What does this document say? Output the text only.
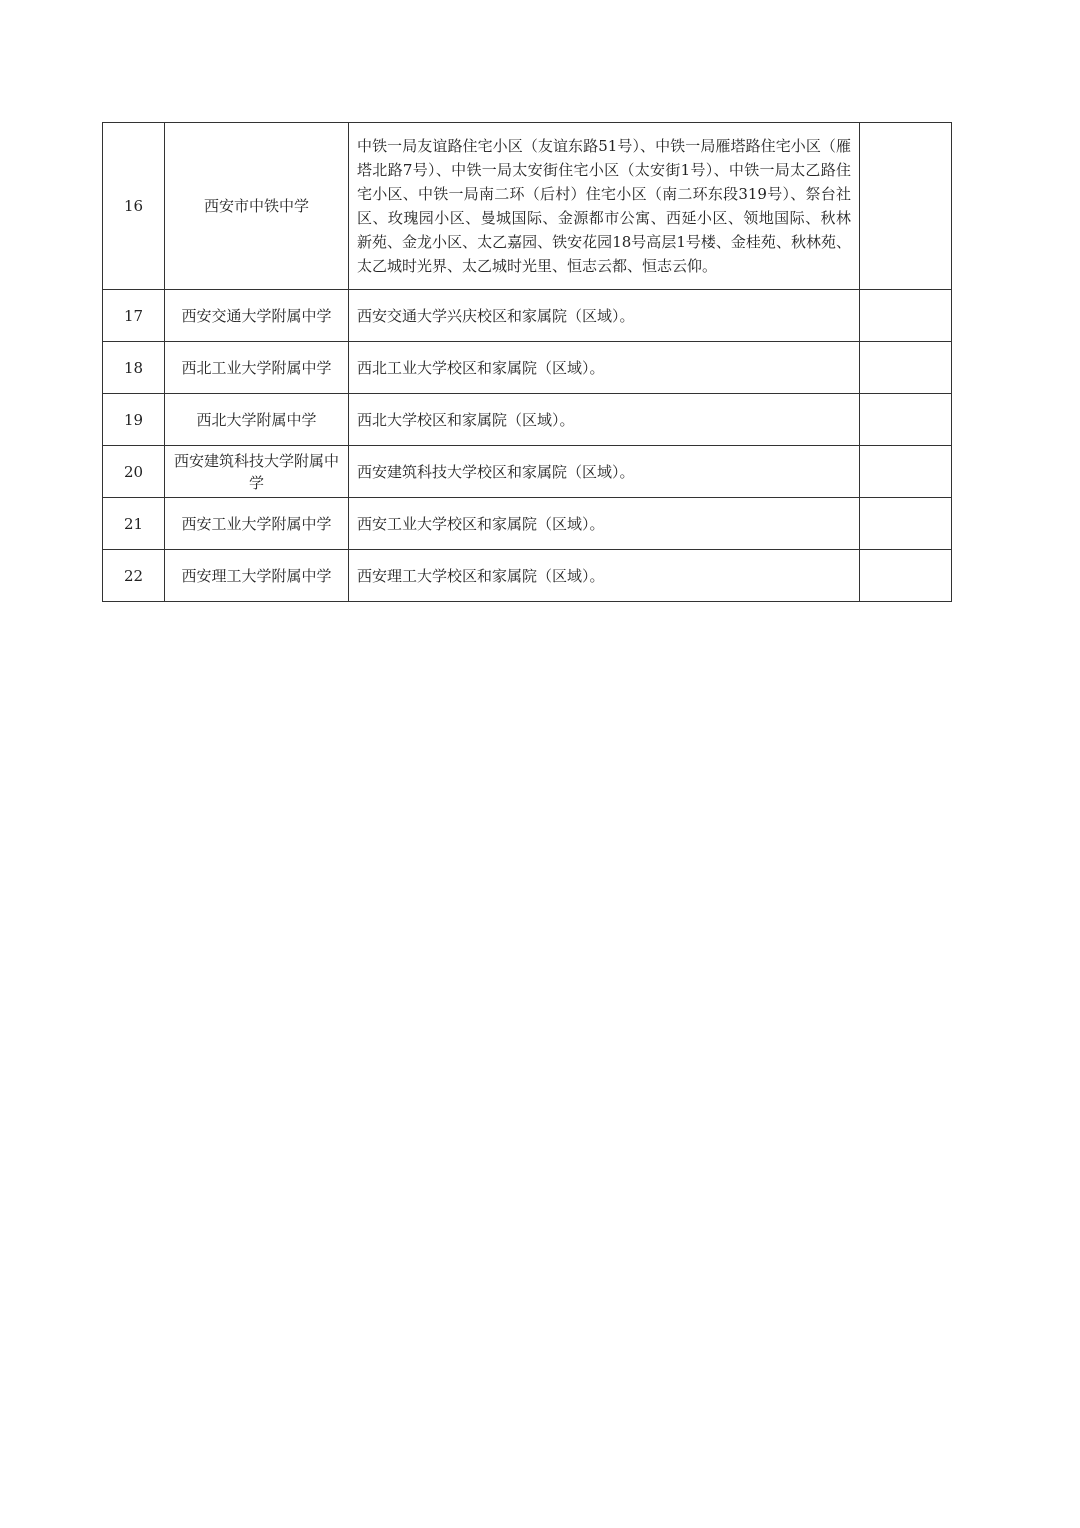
16	西安市中铁中学	中铁一局友谊路住宅小区（友谊东路51号）、中铁一局雁塔路住宅小区（雁塔北路7号）、中铁一局太安街住宅小区（太安街1号）、中铁一局太乙路住宅小区、中铁一局南二环（后村）住宅小区（南二环东段319号）、祭台社区、玫瑰园小区、曼城国际、金源都市公寓、西延小区、领地国际、秋林新苑、金龙小区、太乙嘉园、铁安花园18号高层1号楼、金桂苑、秋林苑、太乙城时光界、太乙城时光里、恒志云都、恒志云仰。	

17	西安交通大学附属中学	西安交通大学兴庆校区和家属院（区域）。	

18	西北工业大学附属中学	西北工业大学校区和家属院（区域）。	

19	西北大学附属中学	西北大学校区和家属院（区域）。	

20	西安建筑科技大学附属中学	西安建筑科技大学校区和家属院（区域）。	

21	西安工业大学附属中学	西安工业大学校区和家属院（区域）。	

22	西安理工大学附属中学	西安理工大学校区和家属院（区域）。	
